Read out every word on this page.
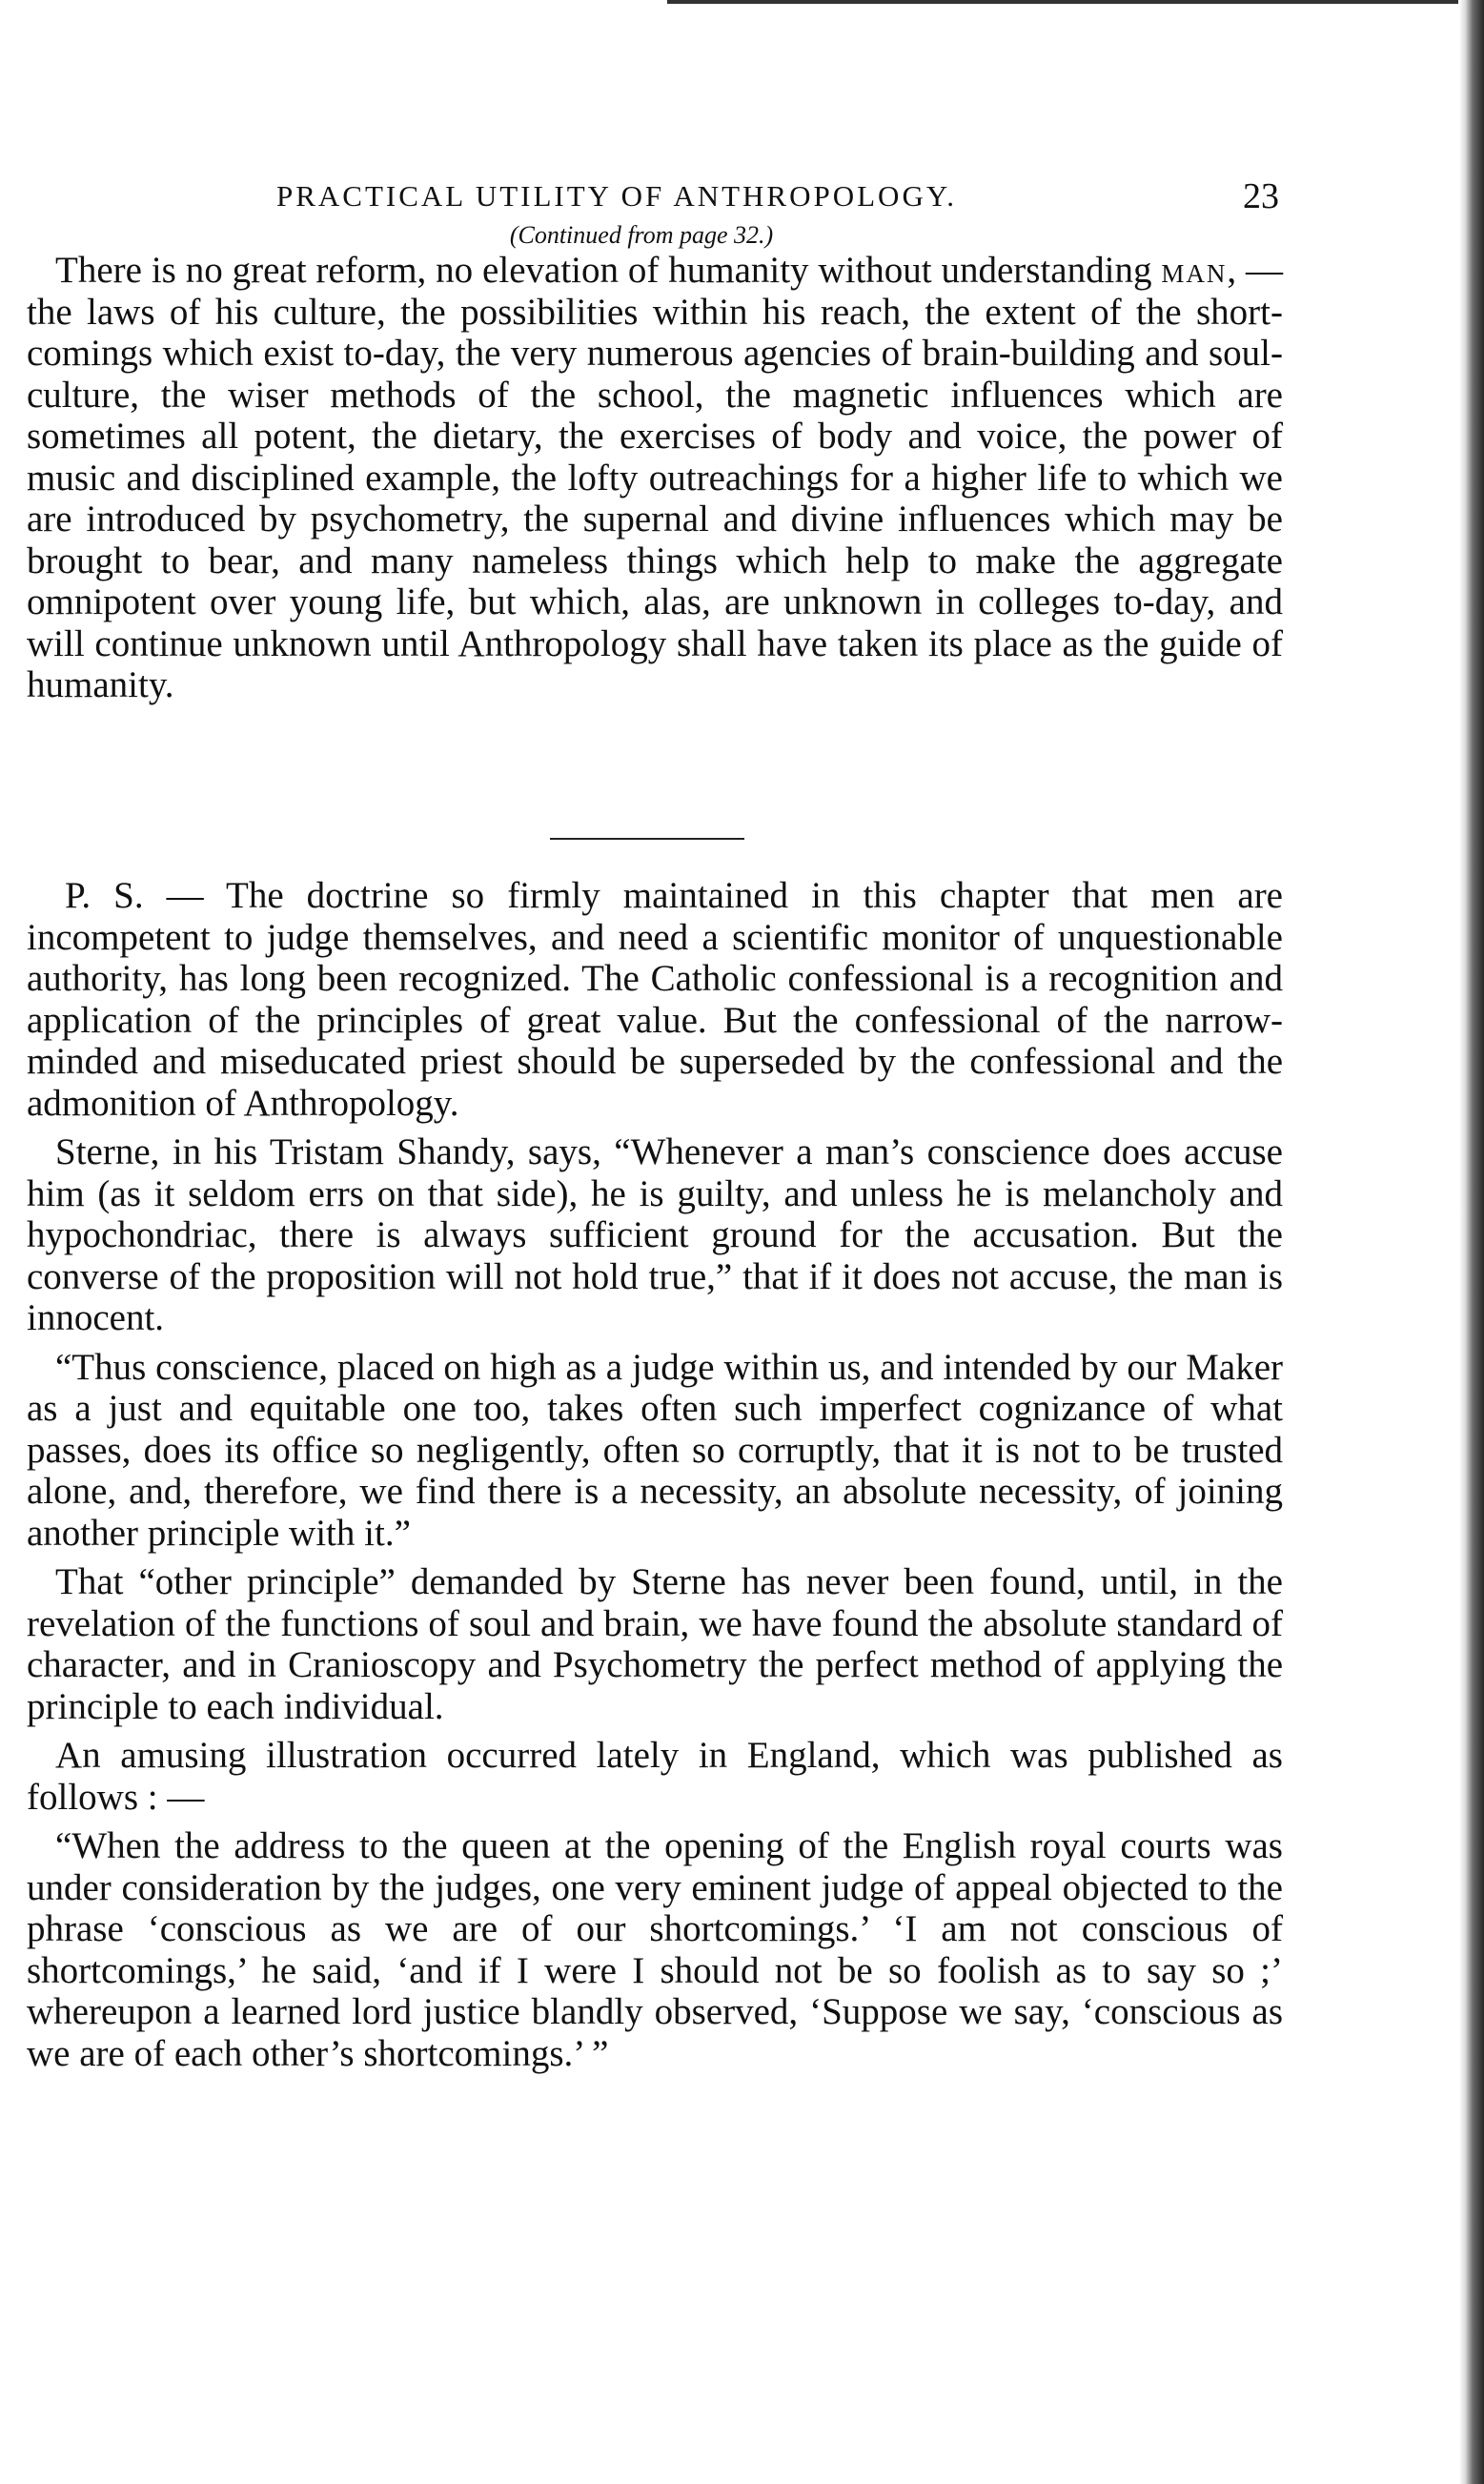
PRACTICAL UTILITY OF ANTHROPOLOGY.	23
(Continued from page 32.)

There is no great reform, no elevation of humanity without understanding man, — the laws of his culture, the possibilities within his reach, the extent of the short-comings which exist to-day, the very numerous agencies of brain-building and soul-culture, the wiser methods of the school, the magnetic influences which are sometimes all potent, the dietary, the exercises of body and voice, the power of music and disciplined example, the lofty outreachings for a higher life to which we are introduced by psychometry, the supernal and divine influences which may be brought to bear, and many nameless things which help to make the aggregate omnipotent over young life, but which, alas, are unknown in colleges to-day, and will continue unknown until Anthropology shall have taken its place as the guide of humanity.

P. S. — The doctrine so firmly maintained in this chapter that men are incompetent to judge themselves, and need a scientific monitor of unquestionable authority, has long been recognized. The Catholic confessional is a recognition and application of the principles of great value. But the confessional of the narrow-minded and miseducated priest should be superseded by the confessional and the admonition of Anthropology.

Sterne, in his Tristam Shandy, says, “Whenever a man’s conscience does accuse him (as it seldom errs on that side), he is guilty, and unless he is melancholy and hypochondriac, there is always sufficient ground for the accusation. But the converse of the proposition will not hold true,” that if it does not accuse, the man is innocent.

“Thus conscience, placed on high as a judge within us, and intended by our Maker as a just and equitable one too, takes often such imperfect cognizance of what passes, does its office so negligently, often so corruptly, that it is not to be trusted alone, and, therefore, we find there is a necessity, an absolute necessity, of joining another principle with it.”

That “other principle” demanded by Sterne has never been found, until, in the revelation of the functions of soul and brain, we have found the absolute standard of character, and in Cranioscopy and Psychometry the perfect method of applying the principle to each individual.

An amusing illustration occurred lately in England, which was published as follows : —

“When the address to the queen at the opening of the English royal courts was under consideration by the judges, one very eminent judge of appeal objected to the phrase ‘conscious as we are of our shortcomings.’ ‘I am not conscious of shortcomings,’ he said, ‘and if I were I should not be so foolish as to say so ;’ whereupon a learned lord justice blandly observed, ‘Suppose we say, ‘conscious as we are of each other’s shortcomings.’ ”
